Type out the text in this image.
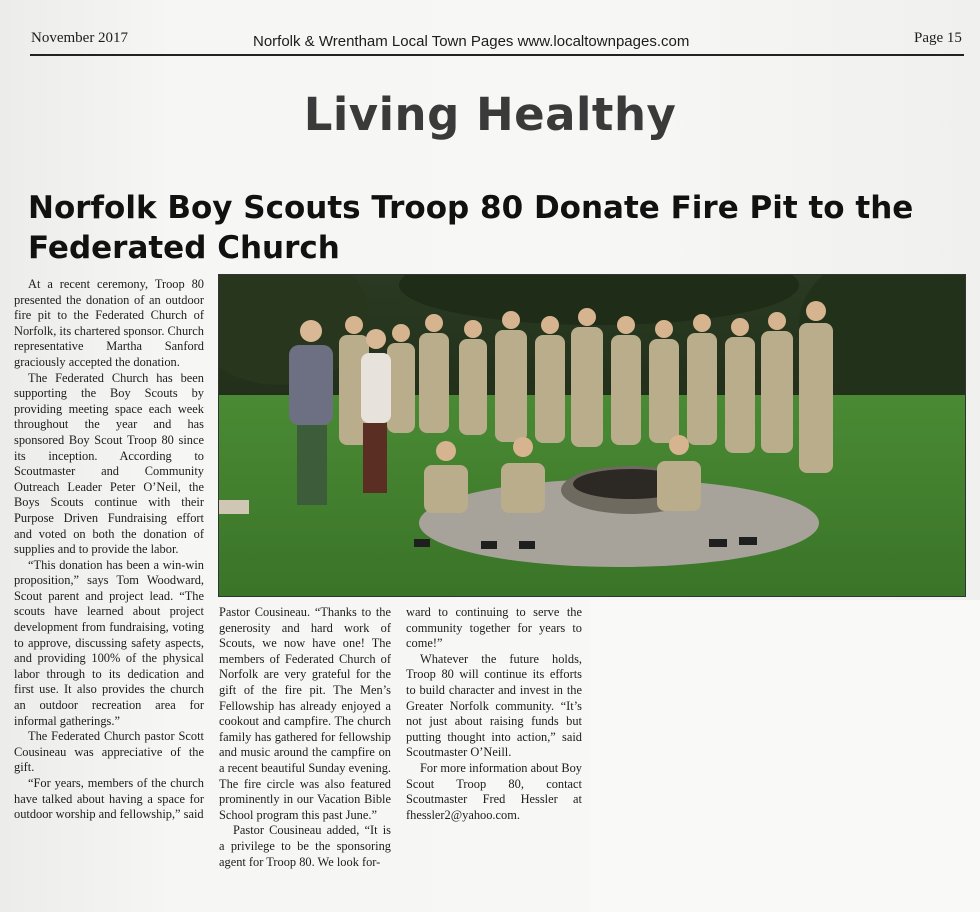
November 2017	Norfolk & Wrentham Local Town Pages www.localtownpages.com	Page 15
Living Healthy
Norfolk Boy Scouts Troop 80 Donate Fire Pit to the Federated Church

At a recent ceremony, Troop 80 presented the donation of an outdoor fire pit to the Federated Church of Norfolk, its chartered sponsor. Church representative Martha Sanford graciously accepted the donation.

The Federated Church has been supporting the Boy Scouts by providing meeting space each week throughout the year and has sponsored Boy Scout Troop 80 since its inception. According to Scoutmaster and Community Outreach Leader Peter O’Neil, the Boys Scouts continue with their Purpose Driven Fundraising effort and voted on both the donation of supplies and to provide the labor.

“This donation has been a win-win proposition,” says Tom Woodward, Scout parent and project lead. “The scouts have learned about project development from fundraising, voting to approve, discussing safety aspects, and providing 100% of the physical labor through to its dedication and first use. It also provides the church an outdoor recreation area for informal gatherings.”

The Federated Church pastor Scott Cousineau was appreciative of the gift.

“For years, members of the church have talked about having a space for outdoor worship and fellowship,” said

Pastor Cousineau. “Thanks to the generosity and hard work of Scouts, we now have one! The members of Federated Church of Norfolk are very grateful for the gift of the fire pit. The Men’s Fellowship has already enjoyed a cookout and campfire. The church family has gathered for fellowship and music around the campfire on a recent beautiful Sunday evening. The fire circle was also featured prominently in our Vacation Bible School program this past June.”

Pastor Cousineau added, “It is a privilege to be the sponsoring agent for Troop 80. We look for-

ward to continuing to serve the community together for years to come!”

Whatever the future holds, Troop 80 will continue its efforts to build character and invest in the Greater Norfolk community. “It’s not just about raising funds but putting thought into action,” said Scoutmaster O’Neill.

For more information about Boy Scout Troop 80, contact Scoutmaster Fred Hessler at fhessler2@yahoo.com.
